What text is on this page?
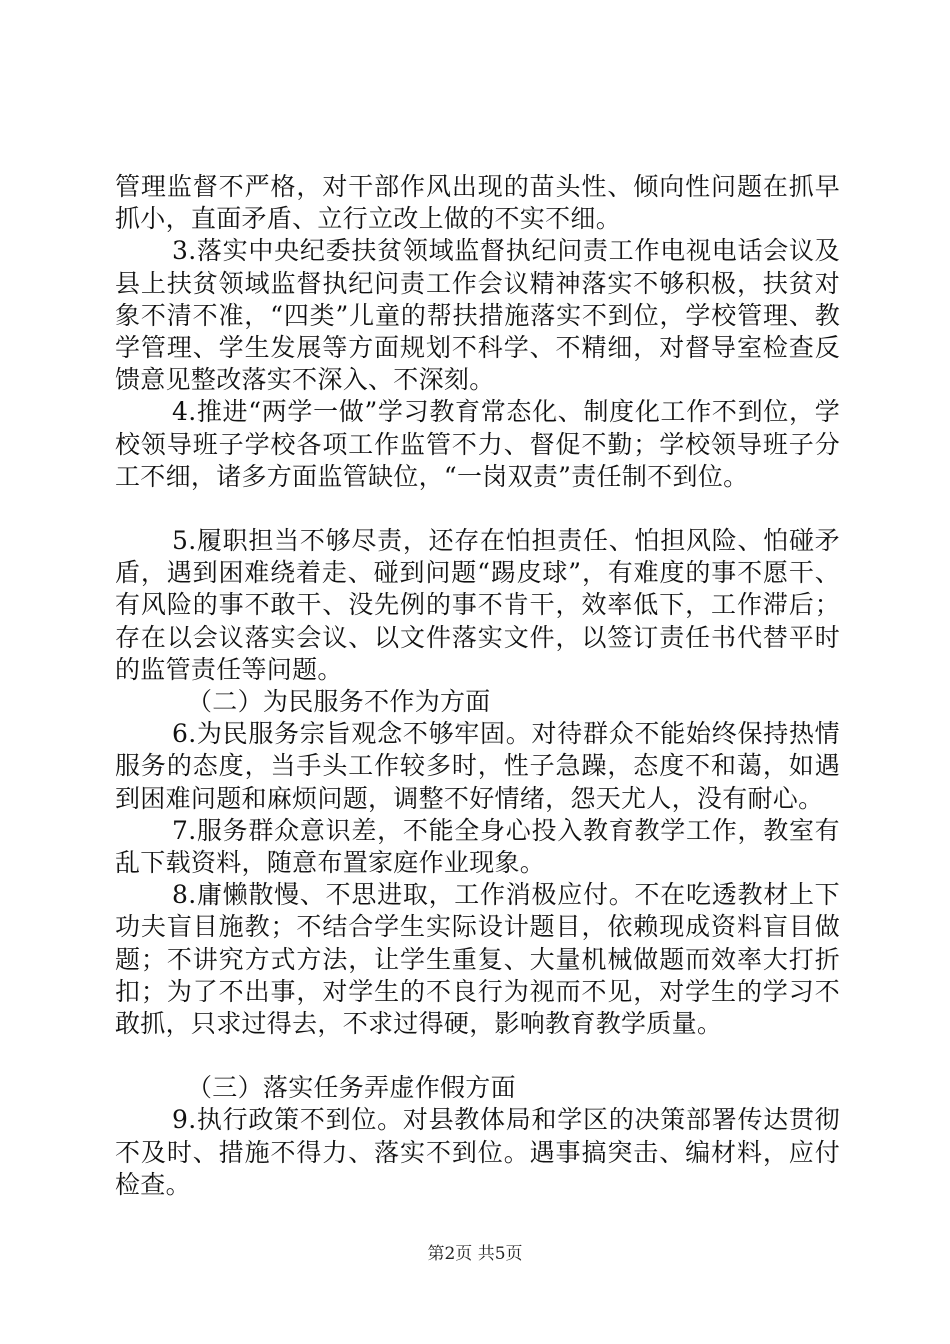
管理监督不严格，对干部作风出现的苗头性、倾向性问题在抓早抓小，直面矛盾、立行立改上做的不实不细。

3.落实中央纪委扶贫领域监督执纪问责工作电视电话会议及县上扶贫领域监督执纪问责工作会议精神落实不够积极，扶贫对象不清不准，“四类”儿童的帮扶措施落实不到位，学校管理、教学管理、学生发展等方面规划不科学、不精细，对督导室检查反馈意见整改落实不深入、不深刻。

4.推进“两学一做”学习教育常态化、制度化工作不到位，学校领导班子学校各项工作监管不力、督促不勤；学校领导班子分工不细，诸多方面监管缺位，“一岗双责”责任制不到位。

5.履职担当不够尽责，还存在怕担责任、怕担风险、怕碰矛盾，遇到困难绕着走、碰到问题“踢皮球”，有难度的事不愿干、有风险的事不敢干、没先例的事不肯干，效率低下，工作滞后；存在以会议落实会议、以文件落实文件，以签订责任书代替平时的监管责任等问题。

（二）为民服务不作为方面

6.为民服务宗旨观念不够牢固。对待群众不能始终保持热情服务的态度，当手头工作较多时，性子急躁，态度不和蔼，如遇到困难问题和麻烦问题，调整不好情绪，怨天尤人，没有耐心。

7.服务群众意识差，不能全身心投入教育教学工作，教室有乱下载资料，随意布置家庭作业现象。

8.庸懒散慢、不思进取，工作消极应付。不在吃透教材上下功夫盲目施教；不结合学生实际设计题目，依赖现成资料盲目做题；不讲究方式方法，让学生重复、大量机械做题而效率大打折扣；为了不出事，对学生的不良行为视而不见，对学生的学习不敢抓，只求过得去，不求过得硬，影响教育教学质量。

（三）落实任务弄虚作假方面

9.执行政策不到位。对县教体局和学区的决策部署传达贯彻不及时、措施不得力、落实不到位。遇事搞突击、编材料，应付检查。

第2页 共5页
